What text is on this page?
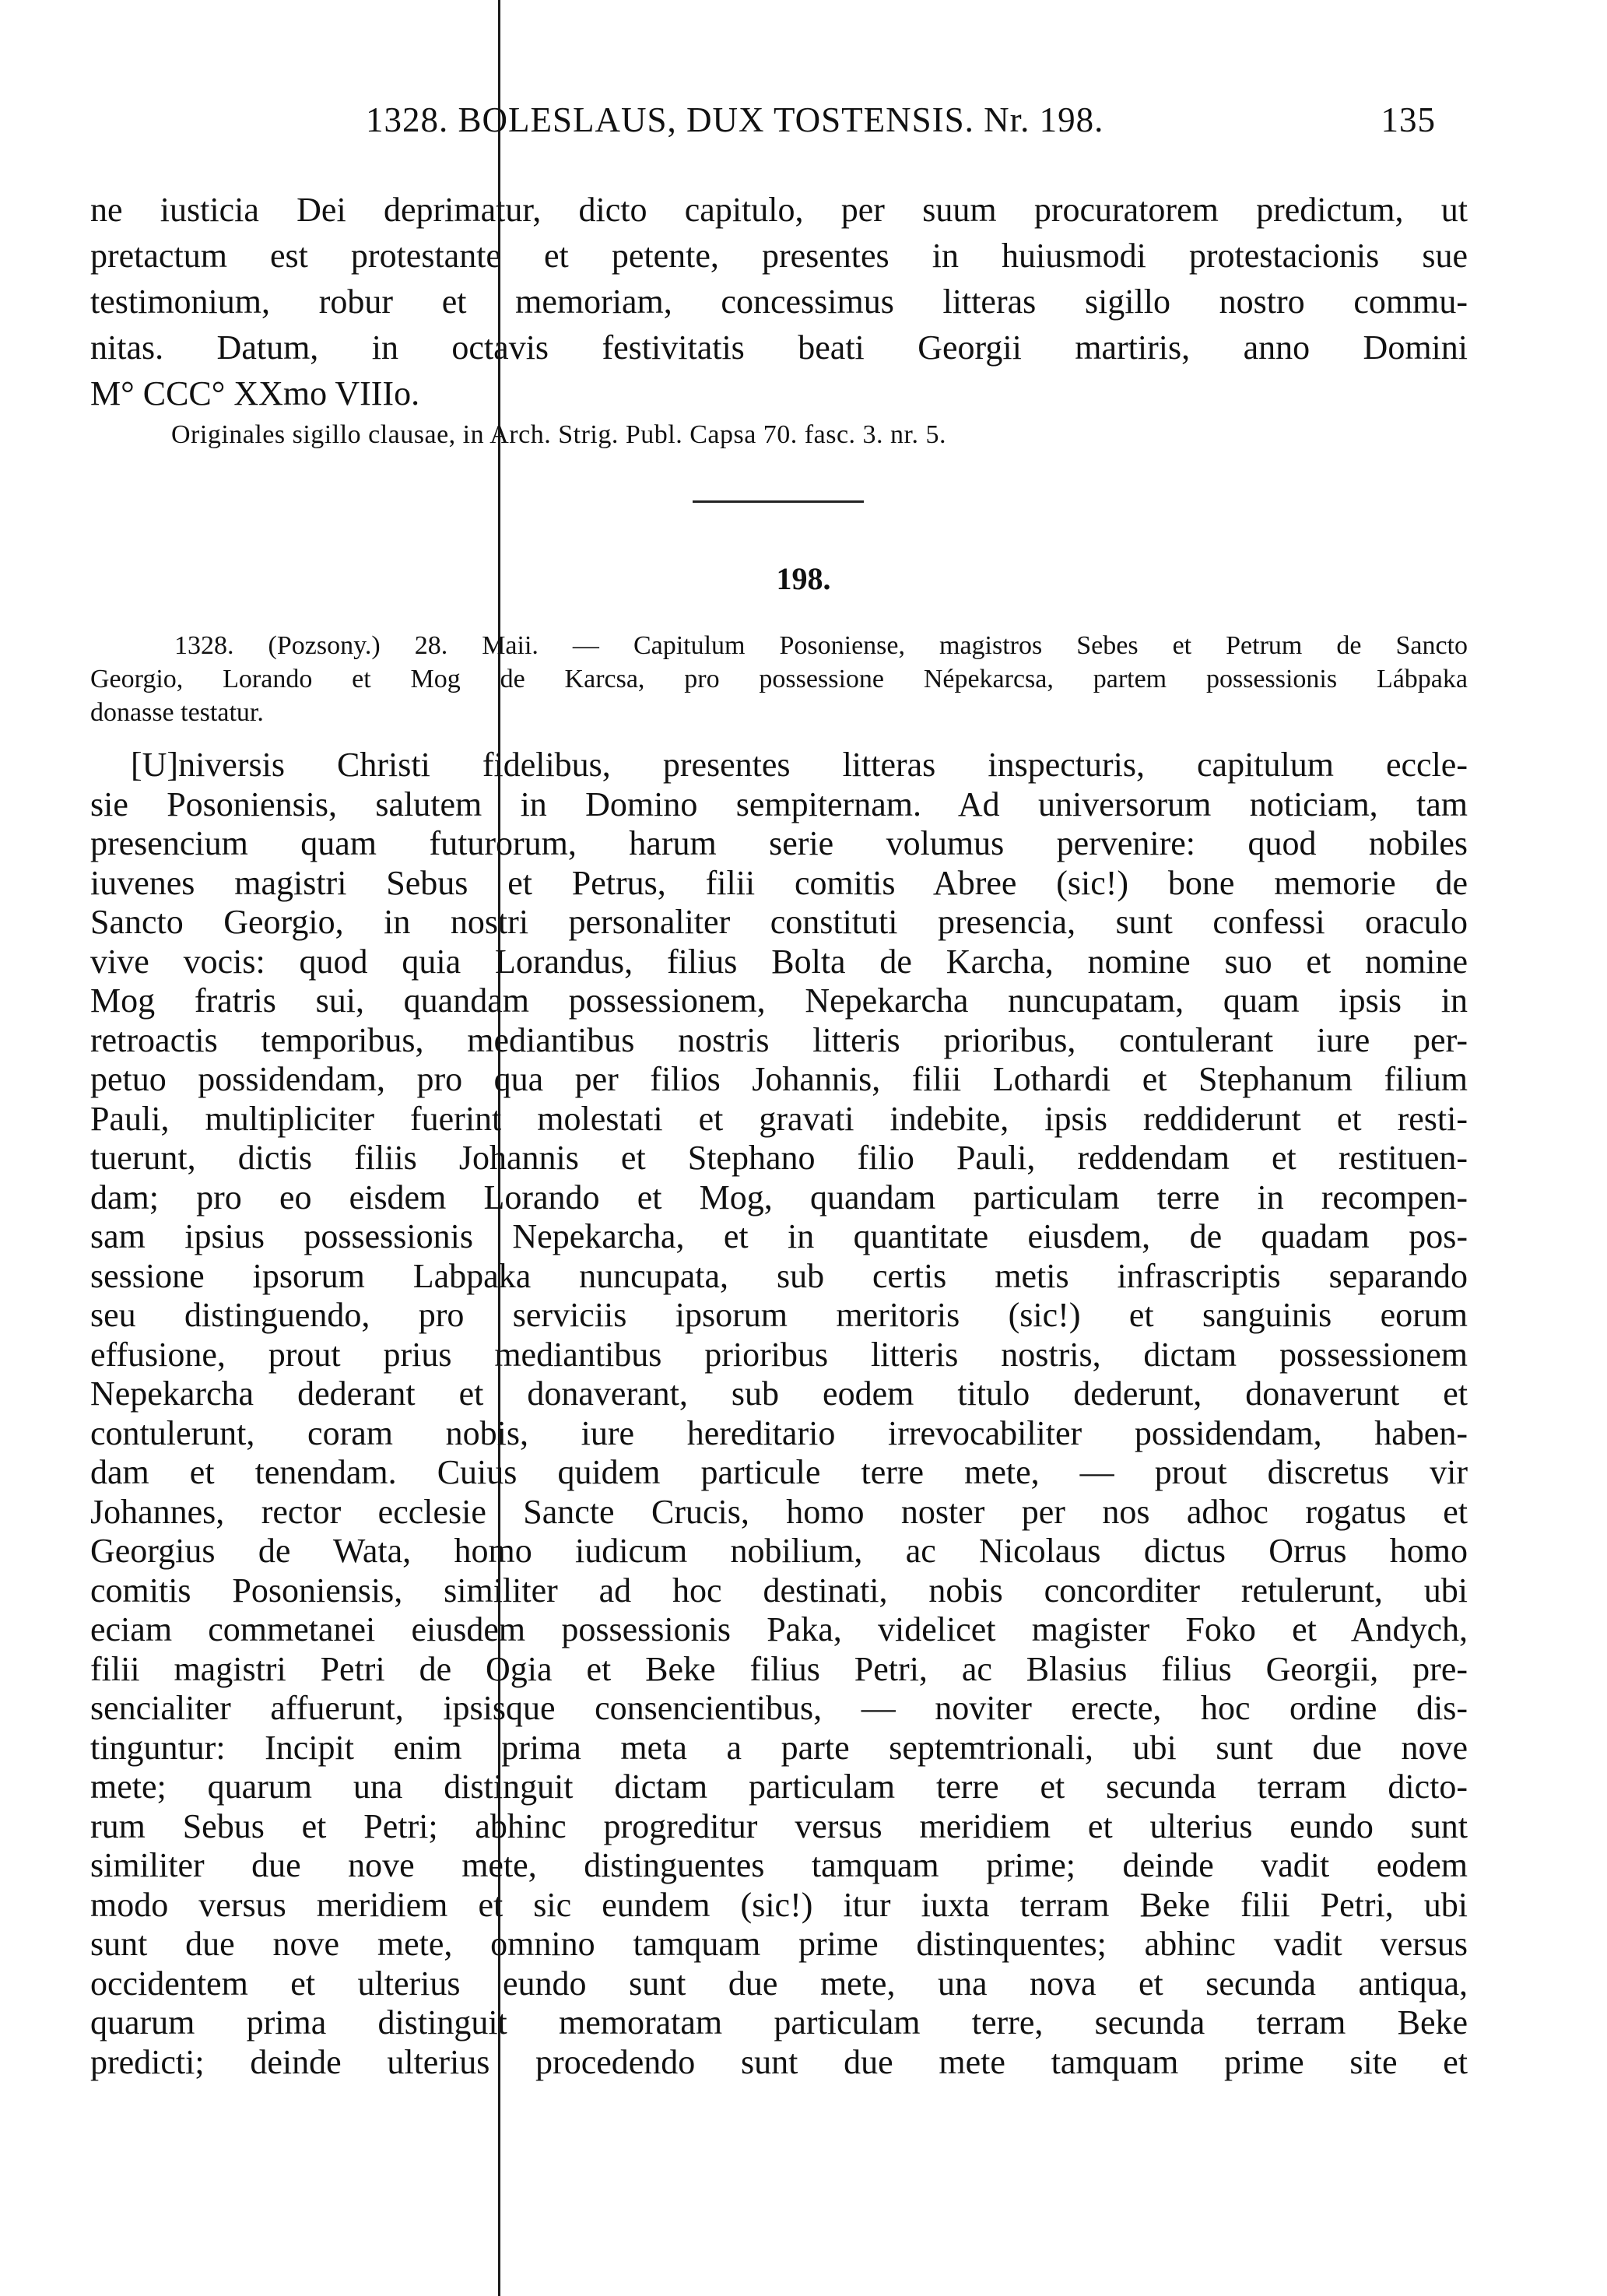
1328. BOLESLAUS, DUX TOSTENSIS. Nr. 198.	135
ne iusticia Dei deprimatur, dicto capitulo, per suum procuratorem predictum, ut
pretactum est protestante et petente, presentes in huiusmodi protestacionis sue
testimonium, robur et memoriam, concessimus litteras sigillo nostro commu-
nitas. Datum, in octavis festivitatis beati Georgii martiris, anno Domini
M° CCC° XXmo VIIIo.
Originales sigillo clausae, in Arch. Strig. Publ. Capsa 70. fasc. 3. nr. 5.
198.
1328. (Pozsony.) 28. Maii. — Capitulum Posoniense, magistros Sebes et Petrum de Sancto
Georgio, Lorando et Mog de Karcsa, pro possessione Népekarcsa, partem possessionis Lábpaka
donasse testatur.
[U]niversis Christi fidelibus, presentes litteras inspecturis, capitulum eccle-
sie Posoniensis, salutem in Domino sempiternam. Ad universorum noticiam, tam
presencium quam futurorum, harum serie volumus pervenire: quod nobiles
iuvenes magistri Sebus et Petrus, filii comitis Abree (sic!) bone memorie de
Sancto Georgio, in nostri personaliter constituti presencia, sunt confessi oraculo
vive vocis: quod quia Lorandus, filius Bolta de Karcha, nomine suo et nomine
Mog fratris sui, quandam possessionem, Nepekarcha nuncupatam, quam ipsis in
retroactis temporibus, mediantibus nostris litteris prioribus, contulerant iure per-
petuo possidendam, pro qua per filios Johannis, filii Lothardi et Stephanum filium
Pauli, multipliciter fuerint molestati et gravati indebite, ipsis reddiderunt et resti-
tuerunt, dictis filiis Johannis et Stephano filio Pauli, reddendam et restituen-
dam; pro eo eisdem Lorando et Mog, quandam particulam terre in recompen-
sam ipsius possessionis Nepekarcha, et in quantitate eiusdem, de quadam pos-
sessione ipsorum Labpaka nuncupata, sub certis metis infrascriptis separando
seu distinguendo, pro serviciis ipsorum meritoris (sic!) et sanguinis eorum
effusione, prout prius mediantibus prioribus litteris nostris, dictam possessionem
Nepekarcha dederant et donaverant, sub eodem titulo dederunt, donaverunt et
contulerunt, coram nobis, iure hereditario irrevocabiliter possidendam, haben-
dam et tenendam. Cuius quidem particule terre mete, — prout discretus vir
Johannes, rector ecclesie Sancte Crucis, homo noster per nos adhoc rogatus et
Georgius de Wata, homo iudicum nobilium, ac Nicolaus dictus Orrus homo
comitis Posoniensis, similiter ad hoc destinati, nobis concorditer retulerunt, ubi
eciam commetanei eiusdem possessionis Paka, videlicet magister Foko et Andych,
filii magistri Petri de Ogia et Beke filius Petri, ac Blasius filius Georgii, pre-
sencialiter affuerunt, ipsisque consencientibus, — noviter erecte, hoc ordine dis-
tinguntur: Incipit enim prima meta a parte septemtrionali, ubi sunt due nove
mete; quarum una distinguit dictam particulam terre et secunda terram dicto-
rum Sebus et Petri; abhinc progreditur versus meridiem et ulterius eundo sunt
similiter due nove mete, distinguentes tamquam prime; deinde vadit eodem
modo versus meridiem et sic eundem (sic!) itur iuxta terram Beke filii Petri, ubi
sunt due nove mete, omnino tamquam prime distinquentes; abhinc vadit versus
occidentem et ulterius eundo sunt due mete, una nova et secunda antiqua,
quarum prima distinguit memoratam particulam terre, secunda terram Beke
predicti; deinde ulterius procedendo sunt due mete tamquam prime site et
